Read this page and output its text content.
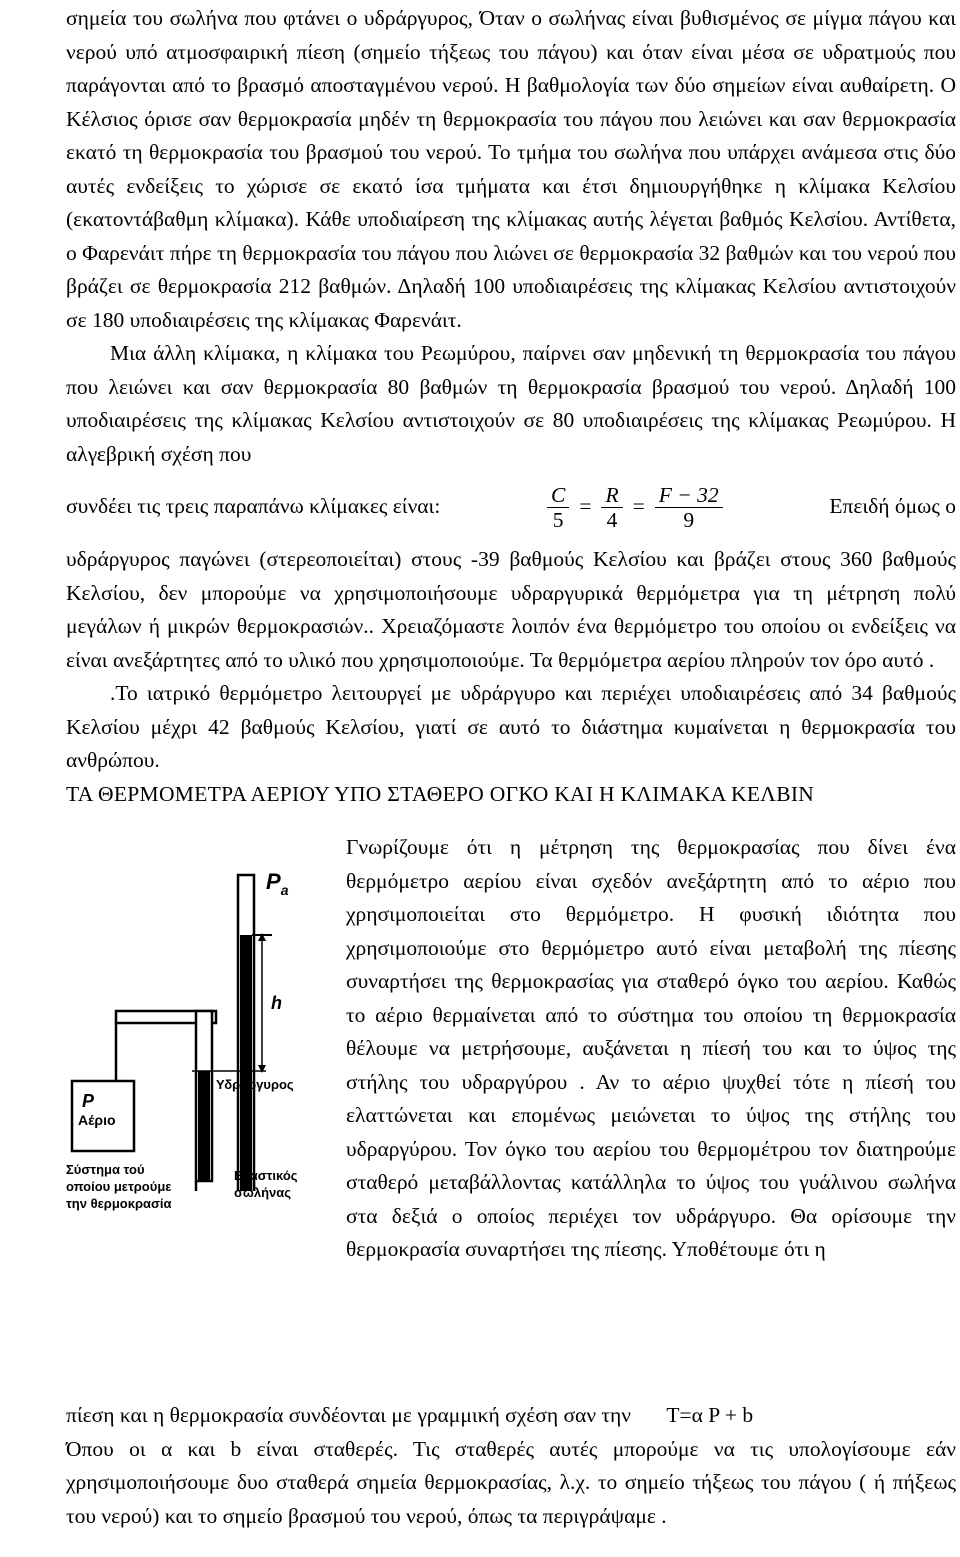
σημεία του σωλήνα που φτάνει ο υδράργυρος, Όταν ο σωλήνας είναι βυθισμένος σε μίγμα πάγου και νερού υπό ατμοσφαιρική πίεση (σημείο τήξεως του πάγου) και όταν είναι μέσα σε υδρατμούς που παράγονται από το βρασμό αποσταγμένου νερού. Η βαθμολογία των δύο σημείων είναι αυθαίρετη. Ο Κέλσιος όρισε σαν θερμοκρασία μηδέν τη θερμοκρασία του πάγου που λειώνει και σαν θερμοκρασία εκατό τη θερμοκρασία του βρασμού του νερού. Το τμήμα του σωλήνα που υπάρχει ανάμεσα στις δύο αυτές ενδείξεις το χώρισε σε εκατό ίσα τμήματα και έτσι δημιουργήθηκε η κλίμακα Κελσίου (εκατοντάβαθμη κλίμακα). Κάθε υποδιαίρεση της κλίμακας αυτής λέγεται βαθμός Κελσίου. Αντίθετα, ο Φαρενάιτ πήρε τη θερμοκρασία του πάγου που λιώνει σε θερμοκρασία 32 βαθμών και του νερού που βράζει σε θερμοκρασία 212 βαθμών. Δηλαδή 100 υποδιαιρέσεις της κλίμακας Κελσίου αντιστοιχούν σε 180 υποδιαιρέσεις της κλίμακας Φαρενάιτ.

Μια άλλη κλίμακα, η κλίμακα του Ρεωμύρου, παίρνει σαν μηδενική τη θερμοκρασία του πάγου που λειώνει και σαν θερμοκρασία 80 βαθμών τη θερμοκρασία βρασμού του νερού. Δηλαδή 100 υποδιαιρέσεις της κλίμακας Κελσίου αντιστοιχούν σε 80 υποδιαιρέσεις της κλίμακας Ρεωμύρου. Η αλγεβρική σχέση που

συνδέει τις τρεις παραπάνω κλίμακες είναι:	$\frac{C}{5} = \frac{R}{4} = \frac{F - 32}{9}$	Επειδή όμως ο

υδράργυρος παγώνει (στερεοποιείται) στους -39 βαθμούς Κελσίου και βράζει στους 360 βαθμούς Κελσίου, δεν μπορούμε να χρησιμοποιήσουμε υδραργυρικά θερμόμετρα για τη μέτρηση πολύ μεγάλων ή μικρών θερμοκρασιών.. Χρειαζόμαστε λοιπόν ένα θερμόμετρο του οποίου οι ενδείξεις να είναι ανεξάρτητες από το υλικό που χρησιμοποιούμε. Τα θερμόμετρα αερίου πληρούν τον όρο αυτό .

.Το ιατρικό θερμόμετρο λειτουργεί με υδράργυρο και περιέχει υποδιαιρέσεις από 34 βαθμούς Κελσίου μέχρι 42 βαθμούς Κελσίου, γιατί σε αυτό το διάστημα κυμαίνεται η θερμοκρασία του ανθρώπου.

ΤΑ ΘΕΡΜΟΜΕΤΡΑ ΑΕΡΙΟΥ ΥΠΟ ΣΤΑΘΕΡΟ ΟΓΚΟ ΚΑΙ Η ΚΛΙΜΑΚΑ ΚΕΛΒΙΝ

$P_a$
h
P
Αέριο
Υδράργυρος
Σύστημα τού
οποίου μετρούμε
την θερμοκρασία
Ελαστικός
σωλήνας

Γνωρίζουμε ότι η μέτρηση της θερμοκρασίας που δίνει ένα θερμόμετρο αερίου είναι σχεδόν ανεξάρτητη από το αέριο που χρησιμοποιείται στο θερμόμετρο. Η φυσική ιδιότητα που χρησιμοποιούμε στο θερμόμετρο αυτό είναι μεταβολή της πίεσης συναρτήσει της θερμοκρασίας για σταθερό όγκο του αερίου. Καθώς το αέριο θερμαίνεται από το σύστημα του οποίου τη θερμοκρασία θέλουμε να μετρήσουμε, αυξάνεται η πίεσή του και το ύψος της στήλης του υδραργύρου . Αν το αέριο ψυχθεί τότε η πίεσή του ελαττώνεται και επομένως μειώνεται το ύψος της στήλης του υδραργύρου. Τον όγκο του αερίου του θερμομέτρου τον διατηρούμε σταθερό μεταβάλλοντας κατάλληλα το ύψος του γυάλινου σωλήνα στα δεξιά ο οποίος περιέχει τον υδράργυρο. Θα ορίσουμε την θερμοκρασία συναρτήσει της πίεσης. Υποθέτουμε ότι η

πίεση και η θερμοκρασία συνδέονται με γραμμική σχέση σαν την T=α P + b

Όπου οι α και b είναι σταθερές. Τις σταθερές αυτές μπορούμε να τις υπολογίσουμε εάν χρησιμοποιήσουμε δυο σταθερά σημεία θερμοκρασίας, λ.χ. το σημείο τήξεως του πάγου ( ή πήξεως του νερού) και το σημείο βρασμού του νερού, όπως τα περιγράψαμε .
